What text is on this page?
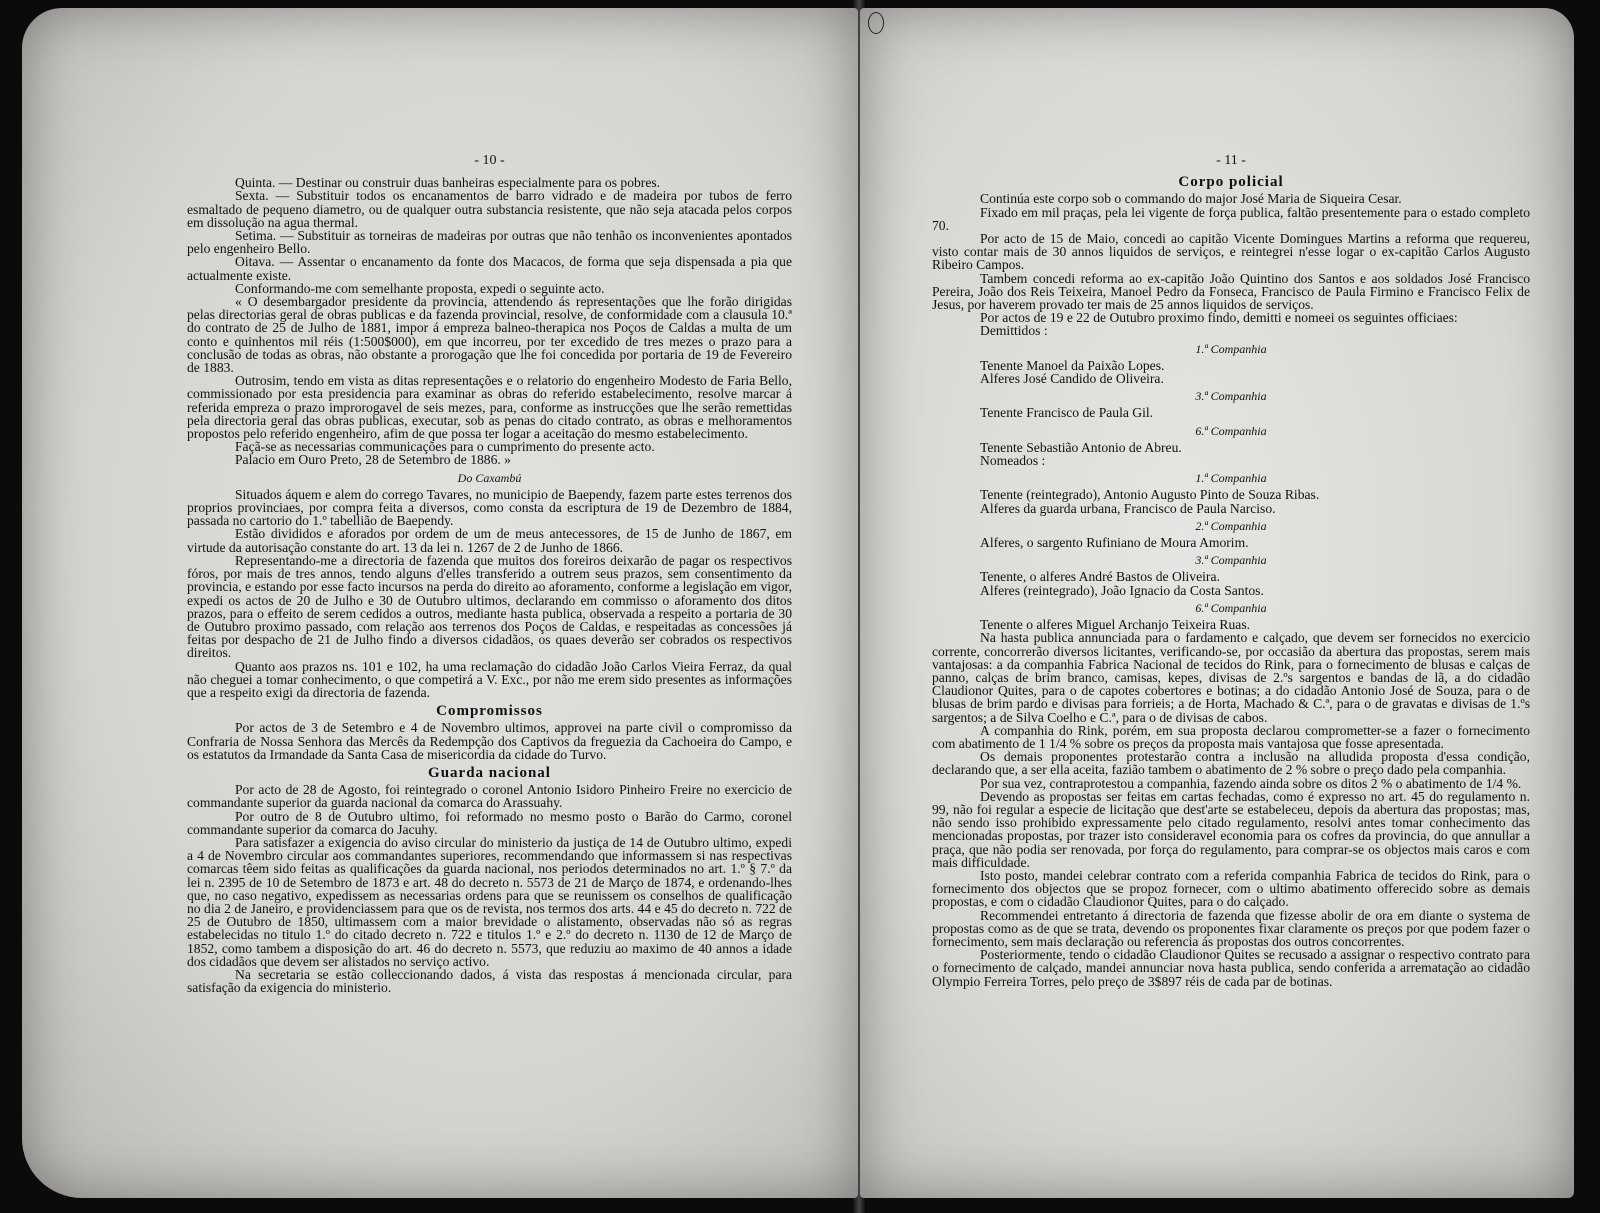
- 10 -

Quinta. — Destinar ou construir duas banheiras especialmente para os pobres.

Sexta. — Substituir todos os encanamentos de barro vidrado e de madeira por tubos de ferro esmaltado de pequeno diametro, ou de qualquer outra substancia resistente, que não seja atacada pelos corpos em dissolução na agua thermal.

Setima. — Substituir as torneiras de madeiras por outras que não tenhão os inconvenientes apontados pelo engenheiro Bello.

Oitava. — Assentar o encanamento da fonte dos Macacos, de forma que seja dispensada a pia que actualmente existe.

Conformando-me com semelhante proposta, expedi o seguinte acto.

« O desembargador presidente da provincia, attendendo ás representações que lhe forão dirigidas pelas directorias geral de obras publicas e da fazenda provincial, resolve, de conformidade com a clausula 10.ª do contrato de 25 de Julho de 1881, impor á empreza balneo-therapica nos Poços de Caldas a multa de um conto e quinhentos mil réis (1:500$000), em que incorreu, por ter excedido de tres mezes o prazo para a conclusão de todas as obras, não obstante a prorogação que lhe foi concedida por portaria de 19 de Fevereiro de 1883.

Outrosim, tendo em vista as ditas representações e o relatorio do engenheiro Modesto de Faria Bello, commissionado por esta presidencia para examinar as obras do referido estabelecimento, resolve marcar á referida empreza o prazo improrogavel de seis mezes, para, conforme as instrucções que lhe serão remettidas pela directoria geral das obras publicas, executar, sob as penas do citado contrato, as obras e melhoramentos propostos pelo referido engenheiro, afim de que possa ter logar a aceitação do mesmo estabelecimento.

Façã-se as necessarias communicações para o cumprimento do presente acto.

Palacio em Ouro Preto, 28 de Setembro de 1886. »

Do Caxambú

Situados áquem e alem do corrego Tavares, no municipio de Baependy, fazem parte estes terrenos dos proprios provinciaes, por compra feita a diversos, como consta da escriptura de 19 de Dezembro de 1884, passada no cartorio do 1.º tabellião de Baependy.

Estão divididos e aforados por ordem de um de meus antecessores, de 15 de Junho de 1867, em virtude da autorisação constante do art. 13 da lei n. 1267 de 2 de Junho de 1866.

Representando-me a directoria de fazenda que muitos dos foreiros deixarão de pagar os respectivos fóros, por mais de tres annos, tendo alguns d'elles transferido a outrem seus prazos, sem consentimento da provincia, e estando por esse facto incursos na perda do direito ao aforamento, conforme a legislação em vigor, expedi os actos de 20 de Julho e 30 de Outubro ultimos, declarando em commisso o aforamento dos ditos prazos, para o effeito de serem cedidos a outros, mediante hasta publica, observada a respeito a portaria de 30 de Outubro proximo passado, com relação aos terrenos dos Poços de Caldas, e respeitadas as concessões já feitas por despacho de 21 de Julho findo a diversos cidadãos, os quaes deverão ser cobrados os respectivos direitos.

Quanto aos prazos ns. 101 e 102, ha uma reclamação do cidadão João Carlos Vieira Ferraz, da qual não cheguei a tomar conhecimento, o que competirá a V. Exc., por não me erem sido presentes as informações que a respeito exigi da directoria de fazenda.

Compromissos

Por actos de 3 de Setembro e 4 de Novembro ultimos, approvei na parte civil o compromisso da Confraria de Nossa Senhora das Mercês da Redempção dos Captivos da freguezia da Cachoeira do Campo, e os estatutos da Irmandade da Santa Casa de misericordia da cidade do Turvo.

Guarda nacional

Por acto de 28 de Agosto, foi reintegrado o coronel Antonio Isidoro Pinheiro Freire no exercicio de commandante superior da guarda nacional da comarca do Arassuahy.

Por outro de 8 de Outubro ultimo, foi reformado no mesmo posto o Barão do Carmo, coronel commandante superior da comarca do Jacuhy.

Para satisfazer a exigencia do aviso circular do ministerio da justiça de 14 de Outubro ultimo, expedi a 4 de Novembro circular aos commandantes superiores, recommendando que informassem si nas respectivas comarcas têem sido feitas as qualificações da guarda nacional, nos periodos determinados no art. 1.º § 7.º da lei n. 2395 de 10 de Setembro de 1873 e art. 48 do decreto n. 5573 de 21 de Março de 1874, e ordenando-lhes que, no caso negativo, expedissem as necessarias ordens para que se reunissem os conselhos de qualificação no dia 2 de Janeiro, e providenciassem para que os de revista, nos termos dos arts. 44 e 45 do decreto n. 722 de 25 de Outubro de 1850, ultimassem com a maior brevidade o alistamento, observadas não só as regras estabelecidas no titulo 1.º do citado decreto n. 722 e titulos 1.º e 2.º do decreto n. 1130 de 12 de Março de 1852, como tambem a disposição do art. 46 do decreto n. 5573, que reduziu ao maximo de 40 annos a idade dos cidadãos que devem ser alistados no serviço activo.

Na secretaria se estão colleccionando dados, á vista das respostas á mencionada circular, para satisfação da exigencia do ministerio.

- 11 -
Corpo policial

Continúa este corpo sob o commando do major José Maria de Siqueira Cesar.

Fixado em mil praças, pela lei vigente de força publica, faltão presentemente para o estado completo 70.

Por acto de 15 de Maio, concedi ao capitão Vicente Domingues Martins a reforma que requereu, visto contar mais de 30 annos liquidos de serviços, e reintegrei n'esse logar o ex-capitão Carlos Augusto Ribeiro Campos.

Tambem concedi reforma ao ex-capitão João Quintino dos Santos e aos soldados José Francisco Pereira, João dos Reis Teixeira, Manoel Pedro da Fonseca, Francisco de Paula Firmino e Francisco Felix de Jesus, por haverem provado ter mais de 25 annos liquidos de serviços.

Por actos de 19 e 22 de Outubro proximo findo, demitti e nomeei os seguintes officiaes:

Demittidos :

1.ª Companhia

Tenente Manoel da Paixão Lopes.

Alferes José Candido de Oliveira.

3.ª Companhia

Tenente Francisco de Paula Gil.

6.ª Companhia

Tenente Sebastião Antonio de Abreu.

Nomeados :

1.ª Companhia

Tenente (reintegrado), Antonio Augusto Pinto de Souza Ribas.

Alferes da guarda urbana, Francisco de Paula Narciso.

2.ª Companhia

Alferes, o sargento Rufiniano de Moura Amorim.

3.ª Companhia

Tenente, o alferes André Bastos de Oliveira.

Alferes (reintegrado), João Ignacio da Costa Santos.

6.ª Companhia

Tenente o alferes Miguel Archanjo Teixeira Ruas.

Na hasta publica annunciada para o fardamento e calçado, que devem ser fornecidos no exercicio corrente, concorrerão diversos licitantes, verificando-se, por occasião da abertura das propostas, serem mais vantajosas: a da companhia Fabrica Nacional de tecidos do Rink, para o fornecimento de blusas e calças de panno, calças de brim branco, camisas, kepes, divisas de 2.ºs sargentos e bandas de lã, a do cidadão Claudionor Quites, para o de capotes cobertores e botinas; a do cidadão Antonio José de Souza, para o de blusas de brim pardo e divisas para forrieis; a de Horta, Machado & C.ª, para o de gravatas e divisas de 1.ºs sargentos; a de Silva Coelho e C.ª, para o de divisas de cabos.

A companhia do Rink, porém, em sua proposta declarou comprometter-se a fazer o fornecimento com abatimento de 1 1/4 % sobre os preços da proposta mais vantajosa que fosse apresentada.

Os demais proponentes protestarão contra a inclusão na alludida proposta d'essa condição, declarando que, a ser ella aceita, fazião tambem o abatimento de 2 % sobre o preço dado pela companhia.

Por sua vez, contraprotestou a companhia, fazendo ainda sobre os ditos 2 % o abatimento de 1/4 %.

Devendo as propostas ser feitas em cartas fechadas, como é expresso no art. 45 do regulamento n. 99, não foi regular a especie de licitação que dest'arte se estabeleceu, depois da abertura das propostas; mas, não sendo isso prohibido expressamente pelo citado regulamento, resolvi antes tomar conhecimento das mencionadas propostas, por trazer isto consideravel economia para os cofres da provincia, do que annullar a praça, que não podia ser renovada, por força do regulamento, para comprar-se os objectos mais caros e com mais difficuldade.

Isto posto, mandei celebrar contrato com a referida companhia Fabrica de tecidos do Rink, para o fornecimento dos objectos que se propoz fornecer, com o ultimo abatimento offerecido sobre as demais propostas, e com o cidadão Claudionor Quites, para o do calçado.

Recommendei entretanto á directoria de fazenda que fizesse abolir de ora em diante o systema de propostas como as de que se trata, devendo os proponentes fixar claramente os preços por que podem fazer o fornecimento, sem mais declaração ou referencia ás propostas dos outros concorrentes.

Posteriormente, tendo o cidadão Claudionor Quites se recusado a assignar o respectivo contrato para o fornecimento de calçado, mandei annunciar nova hasta publica, sendo conferida a arrematação ao cidadão Olympio Ferreira Torres, pelo preço de 3$897 réis de cada par de botinas.
